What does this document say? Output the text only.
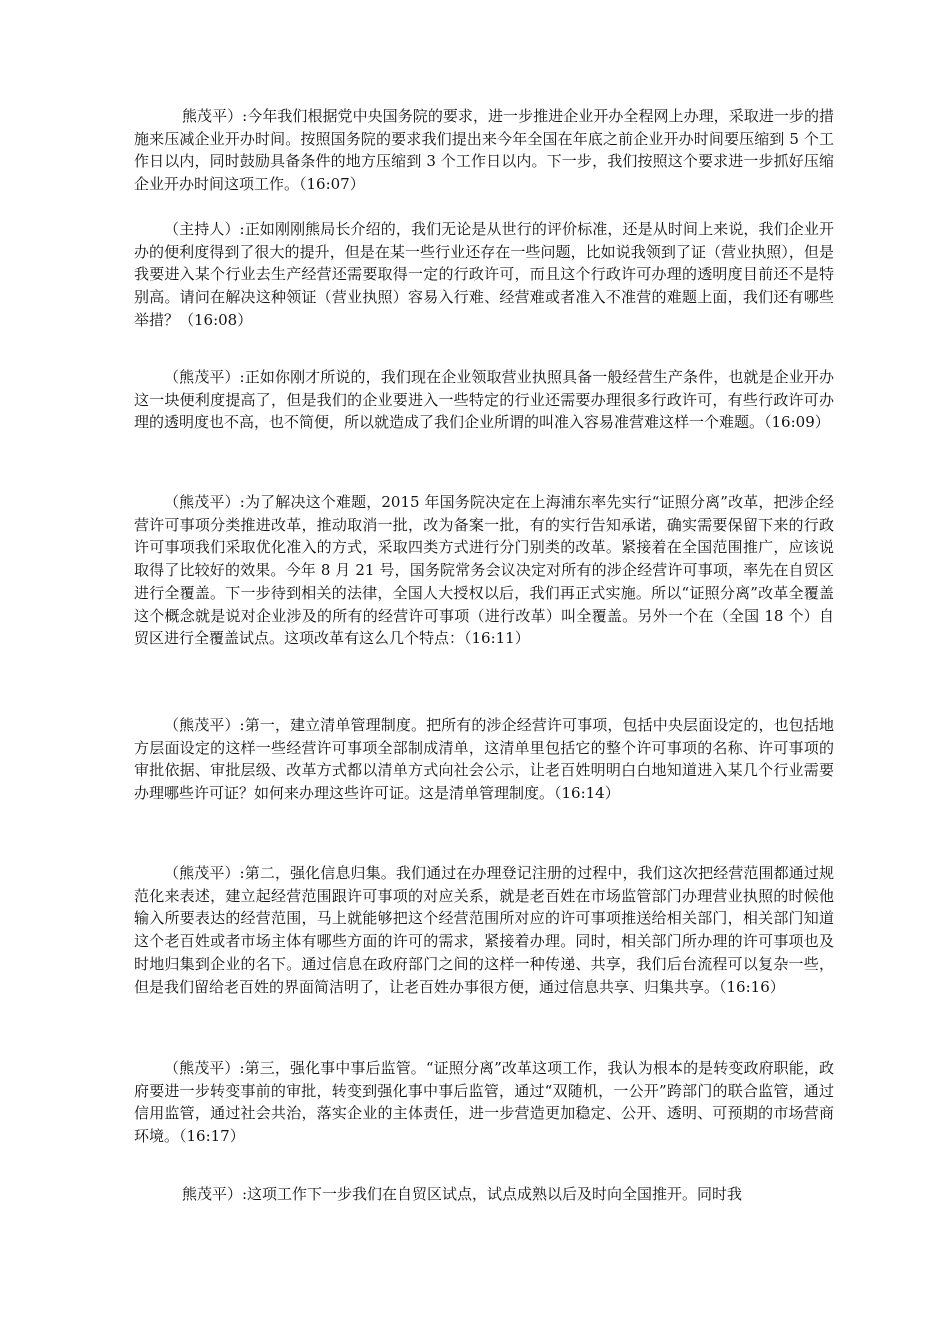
熊茂平）:今年我们根据党中央国务院的要求，进一步推进企业开办全程网上办理，采取进一步的措施来压减企业开办时间。按照国务院的要求我们提出来今年全国在年底之前企业开办时间要压缩到 5 个工作日以内，同时鼓励具备条件的地方压缩到 3 个工作日以内。下一步，我们按照这个要求进一步抓好压缩企业开办时间这项工作。（16:07）

（主持人）:正如刚刚熊局长介绍的，我们无论是从世行的评价标准，还是从时间上来说，我们企业开办的便利度得到了很大的提升，但是在某一些行业还存在一些问题，比如说我领到了证（营业执照），但是我要进入某个行业去生产经营还需要取得一定的行政许可，而且这个行政许可办理的透明度目前还不是特别高。请问在解决这种领证（营业执照）容易入行难、经营难或者准入不准营的难题上面，我们还有哪些举措？（16:08）

（熊茂平）:正如你刚才所说的，我们现在企业领取营业执照具备一般经营生产条件，也就是企业开办这一块便利度提高了，但是我们的企业要进入一些特定的行业还需要办理很多行政许可，有些行政许可办理的透明度也不高，也不简便，所以就造成了我们企业所谓的叫准入容易准营难这样一个难题。（16:09）

（熊茂平）:为了解决这个难题，2015 年国务院决定在上海浦东率先实行“证照分离”改革，把涉企经营许可事项分类推进改革，推动取消一批，改为备案一批，有的实行告知承诺，确实需要保留下来的行政许可事项我们采取优化准入的方式，采取四类方式进行分门别类的改革。紧接着在全国范围推广，应该说取得了比较好的效果。今年 8 月 21 号，国务院常务会议决定对所有的涉企经营许可事项，率先在自贸区进行全覆盖。下一步待到相关的法律，全国人大授权以后，我们再正式实施。所以“证照分离”改革全覆盖这个概念就是说对企业涉及的所有的经营许可事项（进行改革）叫全覆盖。另外一个在（全国 18 个）自贸区进行全覆盖试点。这项改革有这么几个特点：（16:11）

（熊茂平）:第一，建立清单管理制度。把所有的涉企经营许可事项，包括中央层面设定的，也包括地方层面设定的这样一些经营许可事项全部制成清单，这清单里包括它的整个许可事项的名称、许可事项的审批依据、审批层级、改革方式都以清单方式向社会公示，让老百姓明明白白地知道进入某几个行业需要办理哪些许可证？如何来办理这些许可证。这是清单管理制度。（16:14）

（熊茂平）:第二，强化信息归集。我们通过在办理登记注册的过程中，我们这次把经营范围都通过规范化来表述，建立起经营范围跟许可事项的对应关系，就是老百姓在市场监管部门办理营业执照的时候他输入所要表达的经营范围，马上就能够把这个经营范围所对应的许可事项推送给相关部门，相关部门知道这个老百姓或者市场主体有哪些方面的许可的需求，紧接着办理。同时，相关部门所办理的许可事项也及时地归集到企业的名下。通过信息在政府部门之间的这样一种传递、共享，我们后台流程可以复杂一些，但是我们留给老百姓的界面简洁明了，让老百姓办事很方便，通过信息共享、归集共享。（16:16）

（熊茂平）:第三，强化事中事后监管。“证照分离”改革这项工作，我认为根本的是转变政府职能，政府要进一步转变事前的审批，转变到强化事中事后监管，通过“双随机，一公开”跨部门的联合监管，通过信用监管，通过社会共治，落实企业的主体责任，进一步营造更加稳定、公开、透明、可预期的市场营商环境。（16:17）

熊茂平）:这项工作下一步我们在自贸区试点，试点成熟以后及时向全国推开。同时我
